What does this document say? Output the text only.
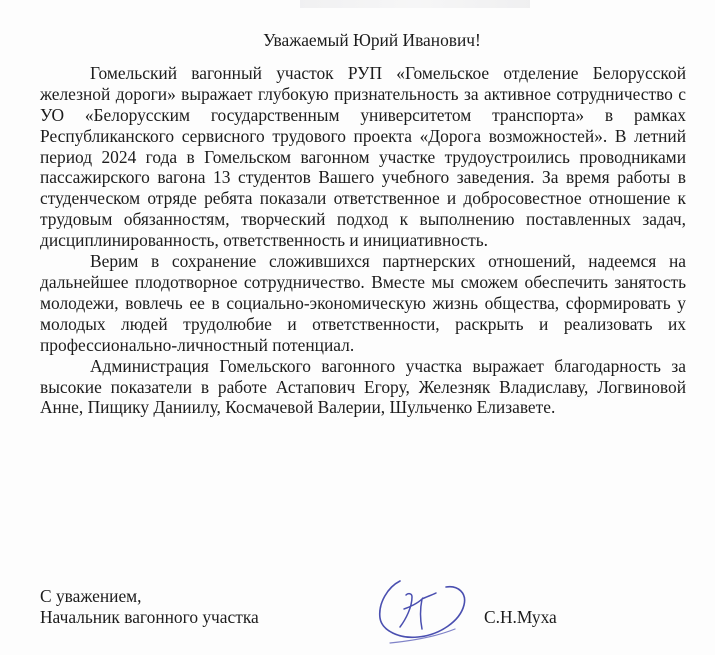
Уважаемый Юрий Иванович!

Гомельский вагонный участок РУП «Гомельское отделение Белорусской железной дороги» выражает глубокую признательность за активное сотрудничество с УО «Белорусским государственным университетом транспорта» в рамках Республиканского сервисного трудового проекта «Дорога возможностей». В летний период 2024 года в Гомельском вагонном участке трудоустроились проводниками пассажирского вагона 13 студентов Вашего учебного заведения. За время работы в студенческом отряде ребята показали ответственное и добросовестное отношение к трудовым обязанностям, творческий подход к выполнению поставленных задач, дисциплинированность, ответственность и инициативность.

Верим в сохранение сложившихся партнерских отношений, надеемся на дальнейшее плодотворное сотрудничество. Вместе мы сможем обеспечить занятость молодежи, вовлечь ее в социально-экономическую жизнь общества, сформировать у молодых людей трудолюбие и ответственности, раскрыть и реализовать их профессионально-личностный потенциал.

Администрация Гомельского вагонного участка выражает благодарность за высокие показатели в работе Астапович Егору, Железняк Владиславу, Логвиновой Анне, Пищику Даниилу, Космачевой Валерии, Шульченко Елизавете.

С уважением,
Начальник вагонного участка	С.Н.Муха
